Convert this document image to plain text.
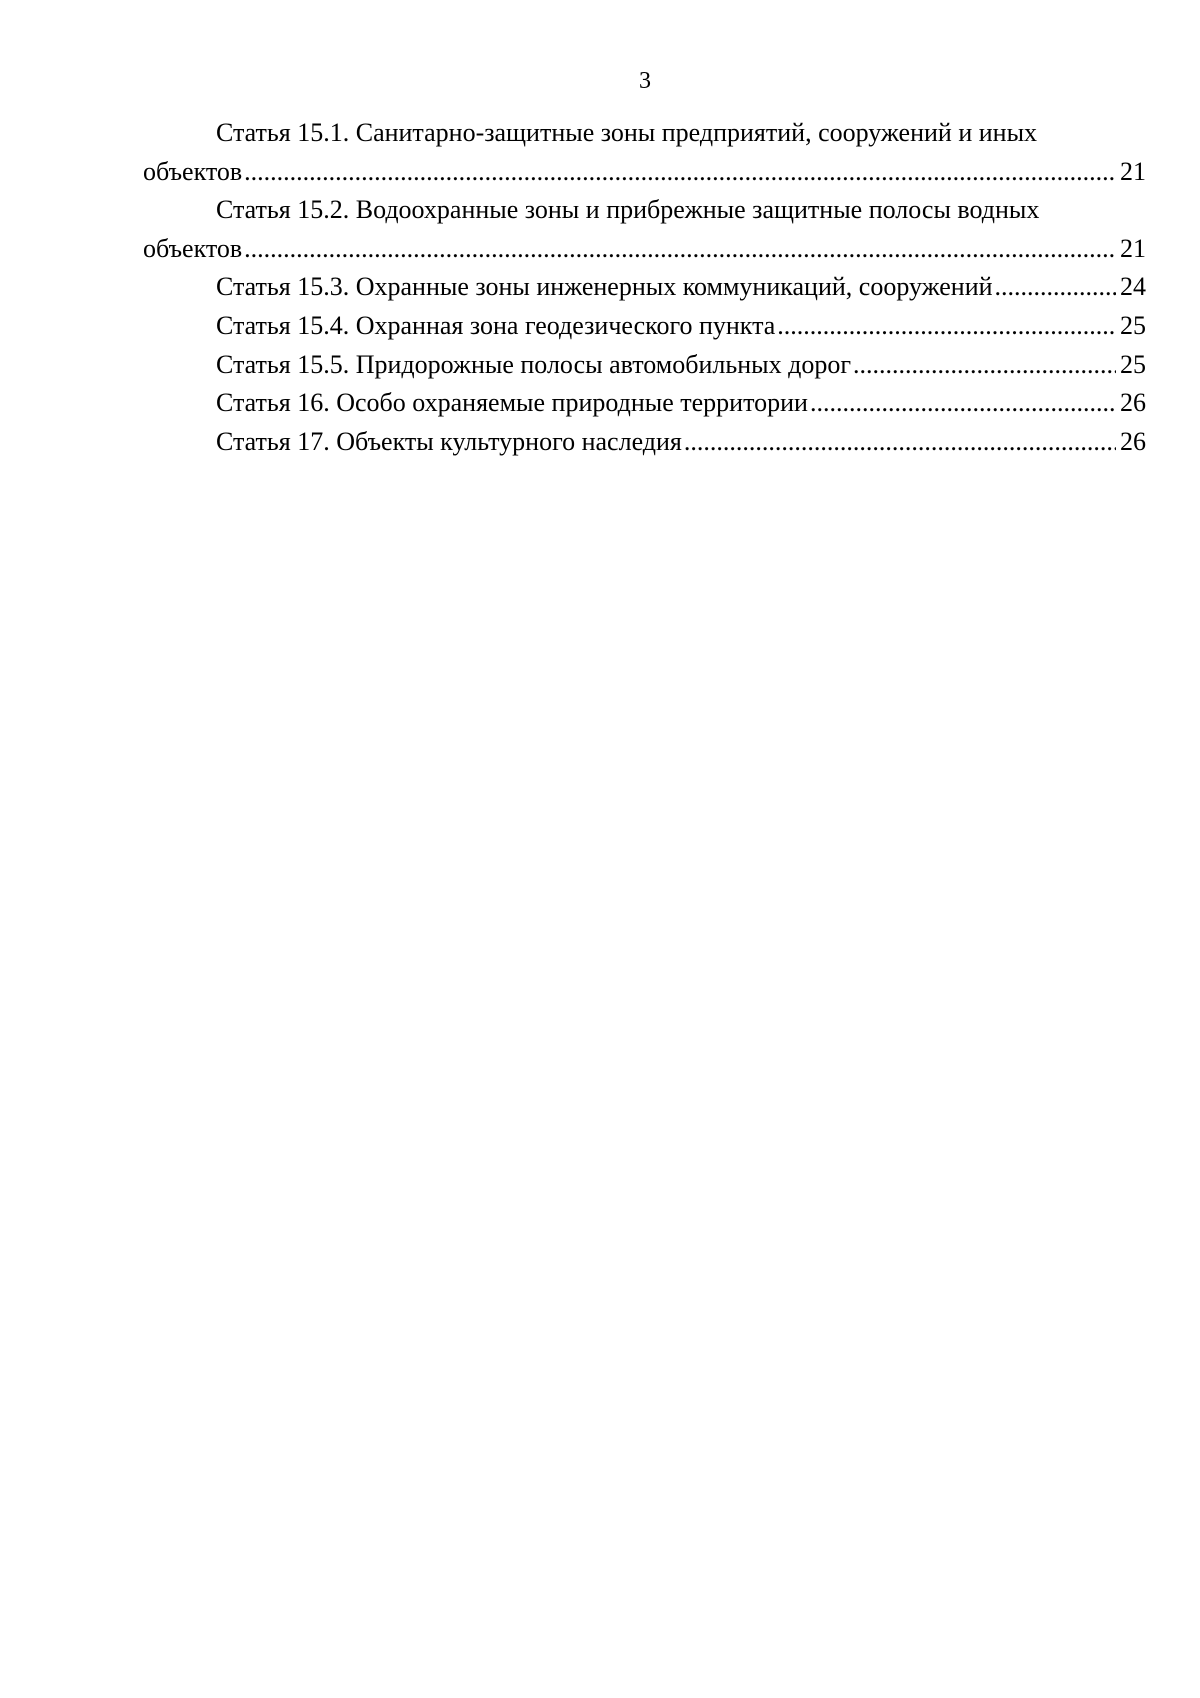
3
Статья 15.1. Санитарно-защитные зоны предприятий, сооружений и иных
объектов .....	21
Статья 15.2. Водоохранные зоны и прибрежные защитные полосы водных
объектов .....	21
Статья 15.3. Охранные зоны инженерных коммуникаций, сооружений .....	24
Статья 15.4. Охранная зона геодезического пункта .....	25
Статья 15.5. Придорожные полосы автомобильных дорог .....	25
Статья 16. Особо охраняемые природные территории .....	26
Статья 17. Объекты культурного наследия .....	26
